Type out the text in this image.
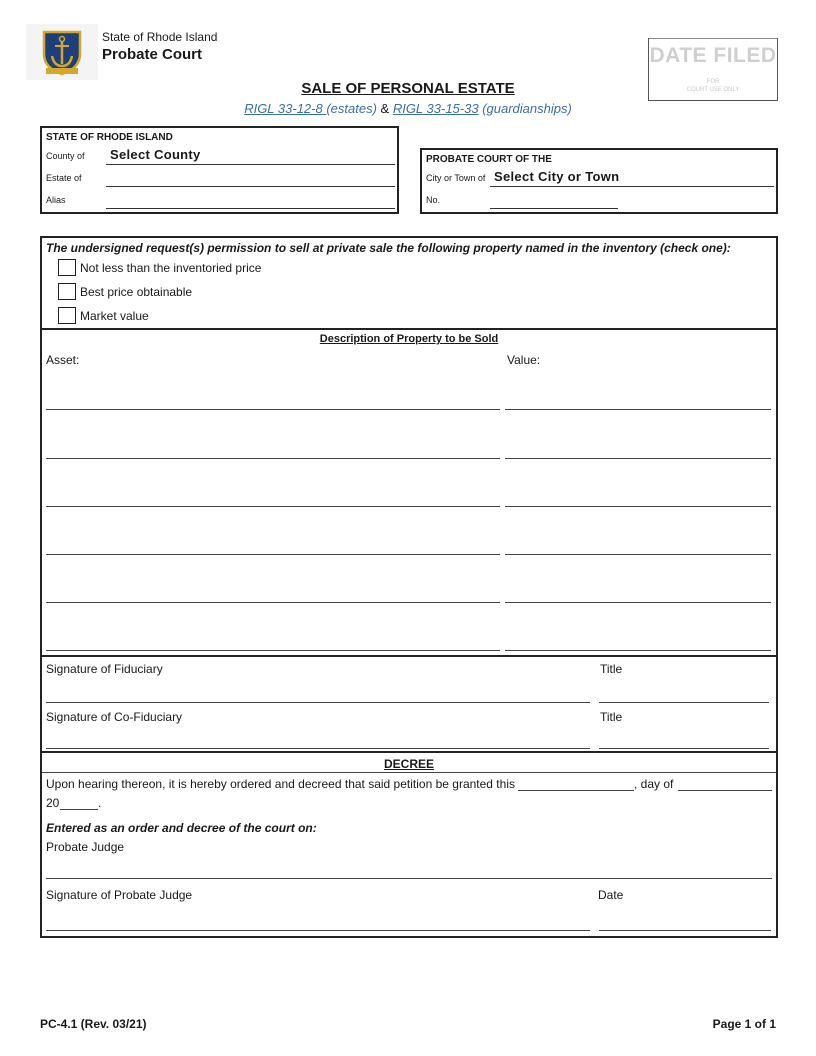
State of Rhode Island
Probate Court	DATE FILED
FOR
COURT USE ONLY
SALE OF PERSONAL ESTATE
RIGL 33-12-8 (estates) & RIGL 33-15-33 (guardianships)
STATE OF RHODE ISLAND
County of Select County
Estate of
Alias
PROBATE COURT OF THE
City or Town of Select City or Town
No.
The undersigned request(s) permission to sell at private sale the following property named in the inventory (check one):
Not less than the inventoried price
Best price obtainable
Market value
Description of Property to be Sold
Asset:	Value:
Signature of Fiduciary	Title
Signature of Co-Fiduciary	Title
DECREE
Upon hearing thereon, it is hereby ordered and decreed that said petition be granted this	, day of
20	.
Entered as an order and decree of the court on:
Probate Judge
Signature of Probate Judge	Date
PC-4.1 (Rev. 03/21)	Page 1 of 1
